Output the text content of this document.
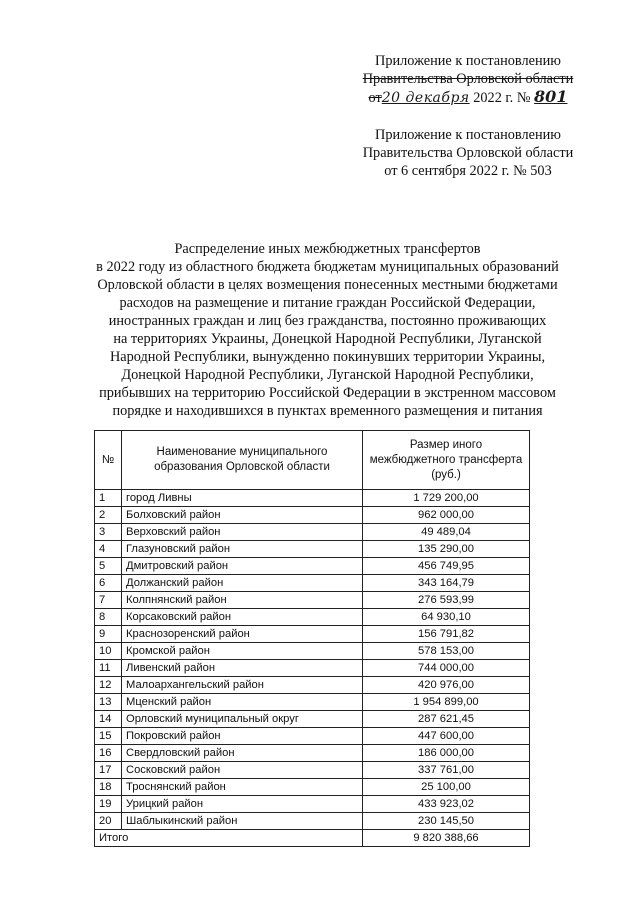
Приложение к постановлению
Правительства Орловской области
от20 декабря 2022 г. № 801
Приложение к постановлению
Правительства Орловской области
от 6 сентября 2022 г. № 503
Распределение иных межбюджетных трансфертов
в 2022 году из областного бюджета бюджетам муниципальных образований
Орловской области в целях возмещения понесенных местными бюджетами
расходов на размещение и питание граждан Российской Федерации,
иностранных граждан и лиц без гражданства, постоянно проживающих
на территориях Украины, Донецкой Народной Республики, Луганской
Народной Республики, вынужденно покинувших территории Украины,
Донецкой Народной Республики, Луганской Народной Республики,
прибывших на территорию Российской Федерации в экстренном массовом
порядке и находившихся в пунктах временного размещения и питания
№	Наименование муниципального образования Орловской области	Размер иного межбюджетного трансферта (руб.)
1	город Ливны	1 729 200,00
2	Болховский район	962 000,00
3	Верховский район	49 489,04
4	Глазуновский район	135 290,00
5	Дмитровский район	456 749,95
6	Должанский район	343 164,79
7	Колпнянский район	276 593,99
8	Корсаковский район	64 930,10
9	Краснозоренский район	156 791,82
10	Кромской район	578 153,00
11	Ливенский район	744 000,00
12	Малоархангельский район	420 976,00
13	Мценский район	1 954 899,00
14	Орловский муниципальный округ	287 621,45
15	Покровский район	447 600,00
16	Свердловский район	186 000,00
17	Сосковский район	337 761,00
18	Троснянский район	25 100,00
19	Урицкий район	433 923,02
20	Шаблыкинский район	230 145,50
Итого		9 820 388,66
